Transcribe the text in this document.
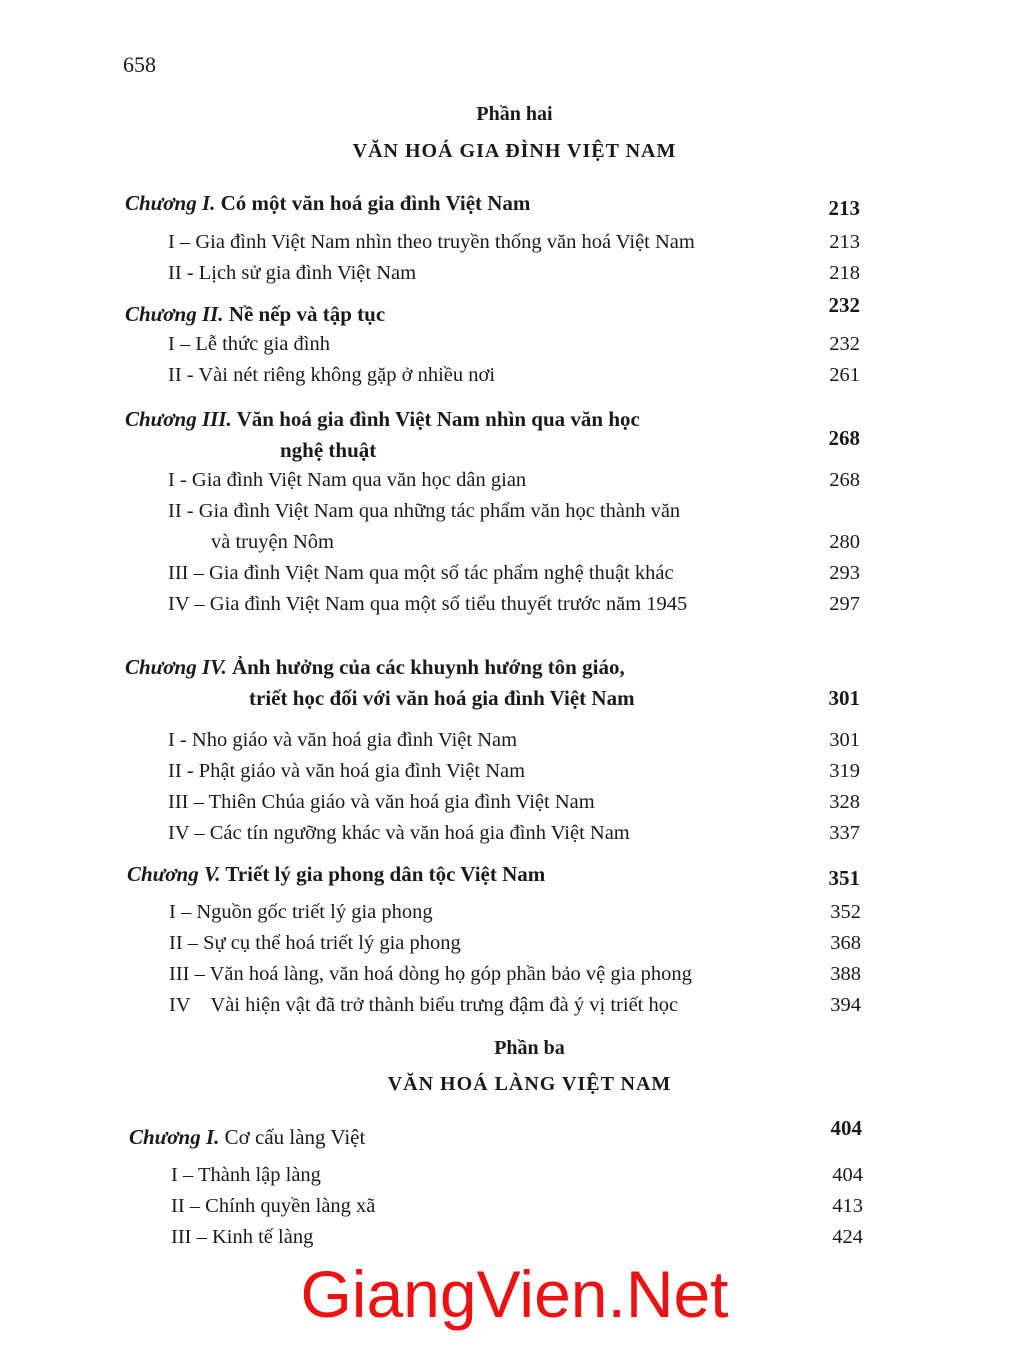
658
Phần hai
VĂN HOÁ GIA ĐÌNH VIỆT NAM
Chương I. Có một văn hoá gia đình Việt Nam	213
I – Gia đình Việt Nam nhìn theo truyền thống văn hoá Việt Nam	213
II - Lịch sử gia đình Việt Nam	218
Chương II. Nề nếp và tập tục	232
I – Lễ thức gia đình	232
II - Vài nét riêng không gặp ở nhiều nơi	261
Chương III. Văn hoá gia đình Việt Nam nhìn qua văn học
nghệ thuật	268
I - Gia đình Việt Nam qua văn học dân gian	268
II - Gia đình Việt Nam qua những tác phẩm văn học thành văn
và truyện Nôm	280
III – Gia đình Việt Nam qua một số tác phẩm nghệ thuật khác	293
IV – Gia đình Việt Nam qua một số tiểu thuyết trước năm 1945	297
Chương IV. Ảnh hưởng của các khuynh hướng tôn giáo,
triết học đối với văn hoá gia đình Việt Nam	301
I - Nho giáo và văn hoá gia đình Việt Nam	301
II - Phật giáo và văn hoá gia đình Việt Nam	319
III – Thiên Chúa giáo và văn hoá gia đình Việt Nam	328
IV – Các tín ngưỡng khác và văn hoá gia đình Việt Nam	337
Chương V. Triết lý gia phong dân tộc Việt Nam	351
I – Nguồn gốc triết lý gia phong	352
II – Sự cụ thể hoá triết lý gia phong	368
III – Văn hoá làng, văn hoá dòng họ góp phần bảo vệ gia phong	388
IV    Vài hiện vật đã trở thành biểu trưng đậm đà ý vị triết học	394
Phần ba
VĂN HOÁ LÀNG VIỆT NAM
Chương I. Cơ cấu làng Việt	404
I – Thành lập làng	404
II – Chính quyền làng xã	413
III – Kinh tế làng	424
GiangVien.Net
